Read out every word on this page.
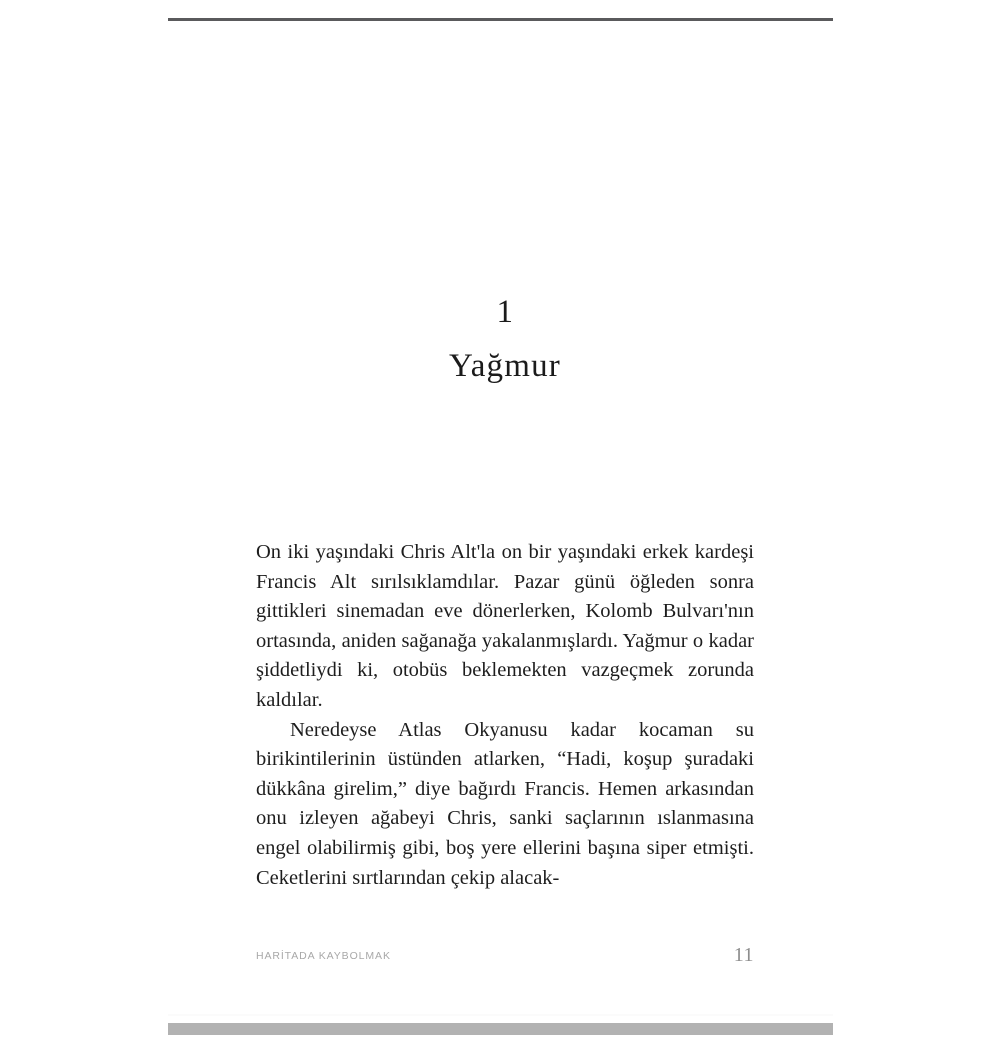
1
Yağmur

On iki yaşındaki Chris Alt'la on bir yaşındaki erkek kardeşi Francis Alt sırılsıklamdılar. Pazar günü öğleden sonra gittikleri sinemadan eve dönerlerken, Kolomb Bulvarı'nın ortasında, aniden sağanağa yakalanmışlardı. Yağmur o kadar şiddetliydi ki, otobüs beklemekten vazgeçmek zorunda kaldılar.

Neredeyse Atlas Okyanusu kadar kocaman su birikintilerinin üstünden atlarken, “Hadi, koşup şuradaki dükkâna girelim,” diye bağırdı Francis. Hemen arkasından onu izleyen ağabeyi Chris, sanki saçlarının ıslanmasına engel olabilirmiş gibi, boş yere ellerini başına siper etmişti. Ceketlerini sırtlarından çekip alacak-

HARİTADA KAYBOLMAK	11
